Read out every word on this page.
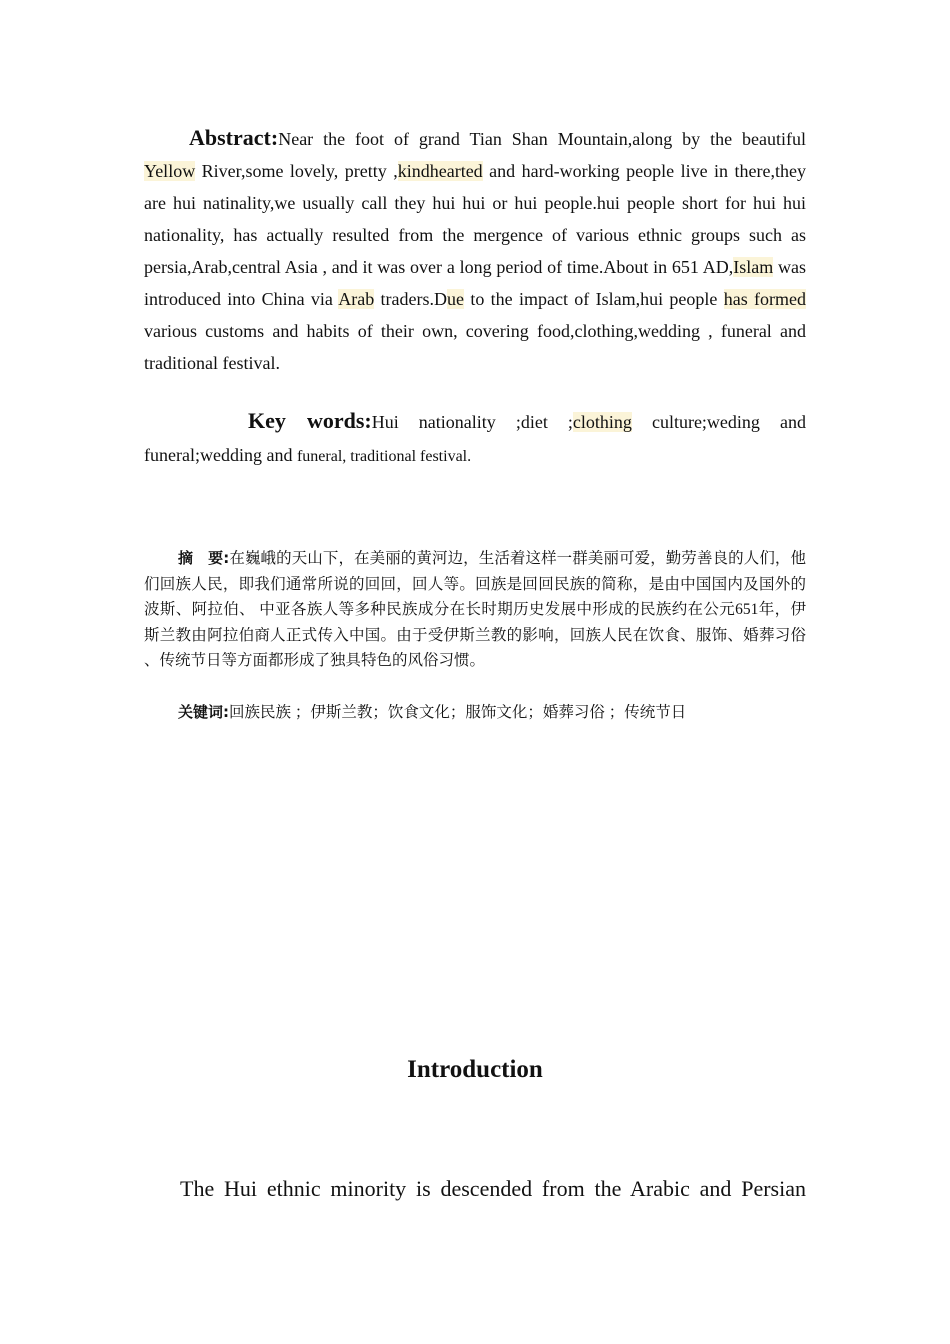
Abstract:Near the foot of grand Tian Shan Mountain,along by the beautiful Yellow River,some lovely, pretty ,kindhearted and hard-working people live in there,they are hui natinality,we usually call they hui hui or hui people.hui people short for hui hui nationality, has actually resulted from the mergence of various ethnic groups such as persia,Arab,central Asia , and it was over a long period of time.About in 651 AD,Islam was introduced into China via Arab traders.Due to the impact of Islam,hui people has formed various customs and habits of their own, covering food,clothing,wedding , funeral and traditional festival.

Key words:Hui nationality ;diet ;clothing culture;weding and funeral;wedding and funeral, traditional festival.

摘　要:在巍峨的天山下，在美丽的黄河边，生活着这样一群美丽可爱，勤劳善良的人们，他们回族人民，即我们通常所说的回回，回人等。回族是回回民族的简称，是由中国国内及国外的波斯、阿拉伯、 中亚各族人等多种民族成分在长时期历史发展中形成的民族约在公元651年，伊斯兰教由阿拉伯商人正式传入中国。由于受伊斯兰教的影响，回族人民在饮食、服饰、婚葬习俗 、传统节日等方面都形成了独具特色的风俗习惯。

关键词:回族民族 ；伊斯兰教；饮食文化；服饰文化；婚葬习俗 ；传统节日

Introduction

The Hui ethnic minority is descended from the Arabic and Persian
